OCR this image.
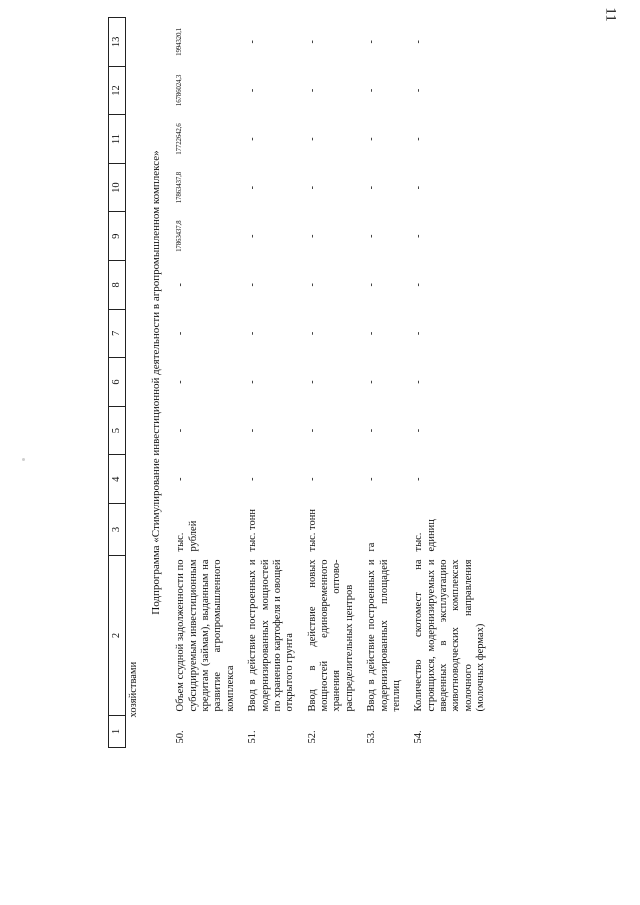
11
1	2	3	4	5	6	7	8	9	10	11	12	13
хозяйствами												
Подпрограмма «Стимулирование инвестиционной деятельности в агропромышленном комплексе»												
50.	Объем ссудной задолженности по субсидируемым инвестиционным кредитам (займам), выданным на развитие агропромышленного комплекса	тыс. рублей	-	-	-	-	-	17863437,8	17863437,8	17722642,6	16786024,3	1994320,1
51.	Ввод в действие построенных и модернизированных мощностей по хранению картофеля и овощей открытого грунта	тыс. тонн	-	-	-	-	-	-	-	-	-	-
52.	Ввод в действие новых мощностей единовременного хранения оптово-распределительных центров	тыс. тонн	-	-	-	-	-	-	-	-	-	-
53.	Ввод в действие построенных и модернизированных площадей теплиц	га	-	-	-	-	-	-	-	-	-	-
54.	Количество скотомест на строящихся, модернизируемых и введенных в эксплуатацию животноводческих комплексах молочного направления (молочных фермах)	тыс. единиц	-	-	-	-	-	-	-	-	-	-
